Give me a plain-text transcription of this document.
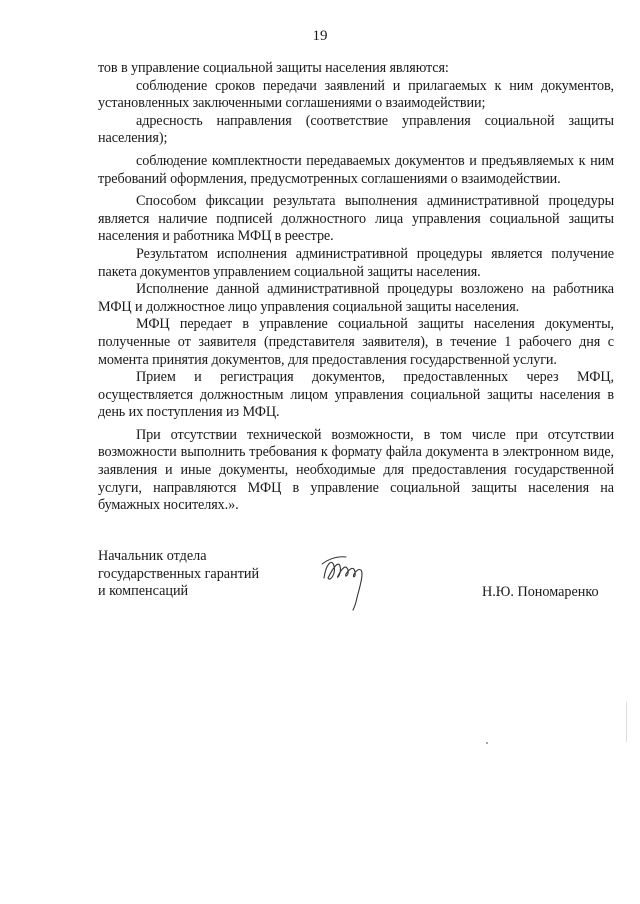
19

тов в управление социальной защиты населения являются:

соблюдение сроков передачи заявлений и прилагаемых к ним документов, установленных заключенными соглашениями о взаимодействии;

адресность направления (соответствие управления социальной защиты населения);

соблюдение комплектности передаваемых документов и предъявляемых к ним требований оформления, предусмотренных соглашениями о взаимодействии.

Способом фиксации результата выполнения административной процедуры является наличие подписей должностного лица управления социальной защиты населения и работника МФЦ в реестре.

Результатом исполнения административной процедуры является получение пакета документов управлением социальной защиты населения.

Исполнение данной административной процедуры возложено на работника МФЦ и должностное лицо управления социальной защиты населения.

МФЦ передает в управление социальной защиты населения документы, полученные от заявителя (представителя заявителя), в течение 1 рабочего дня с момента принятия документов, для предоставления государственной услуги.

Прием и регистрация документов, предоставленных через МФЦ, осуществляется должностным лицом управления социальной защиты населения в день их поступления из МФЦ.

При отсутствии технической возможности, в том числе при отсутствии возможности выполнить требования к формату файла документа в электронном виде, заявления и иные документы, необходимые для предоставления государственной услуги, направляются МФЦ в управление социальной защиты населения на бумажных носителях.».

Начальник отдела
государственных гарантий
и компенсаций	Н.Ю. Пономаренко
